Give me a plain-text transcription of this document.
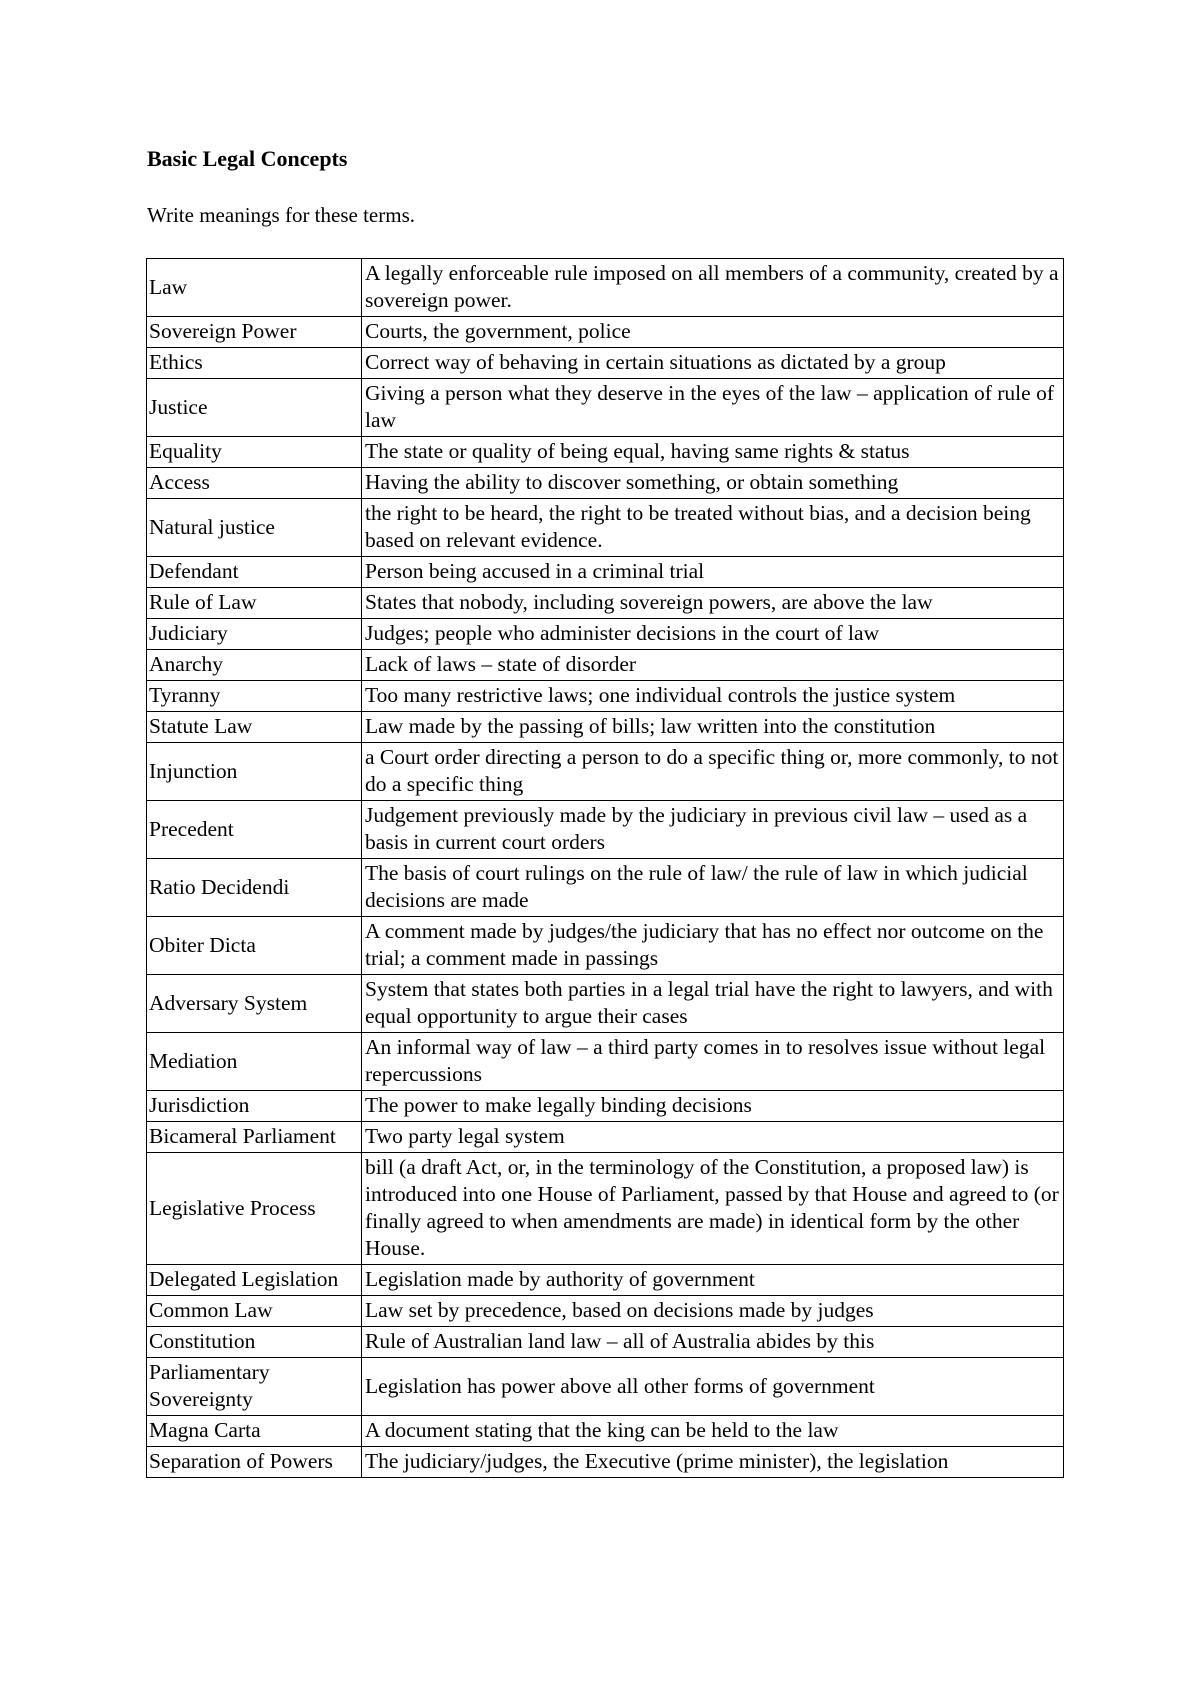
Basic Legal Concepts

Write meanings for these terms.

Law	A legally enforceable rule imposed on all members of a community, created by a sovereign power.
Sovereign Power	Courts, the government, police
Ethics	Correct way of behaving in certain situations as dictated by a group
Justice	Giving a person what they deserve in the eyes of the law – application of rule of law
Equality	The state or quality of being equal, having same rights & status
Access	Having the ability to discover something, or obtain something
Natural justice	the right to be heard, the right to be treated without bias, and a decision being based on relevant evidence.
Defendant	Person being accused in a criminal trial
Rule of Law	States that nobody, including sovereign powers, are above the law
Judiciary	Judges; people who administer decisions in the court of law
Anarchy	Lack of laws – state of disorder
Tyranny	Too many restrictive laws; one individual controls the justice system
Statute Law	Law made by the passing of bills; law written into the constitution
Injunction	a Court order directing a person to do a specific thing or, more commonly, to not do a specific thing
Precedent	Judgement previously made by the judiciary in previous civil law – used as a basis in current court orders
Ratio Decidendi	The basis of court rulings on the rule of law/ the rule of law in which judicial decisions are made
Obiter Dicta	A comment made by judges/the judiciary that has no effect nor outcome on the trial; a comment made in passings
Adversary System	System that states both parties in a legal trial have the right to lawyers, and with equal opportunity to argue their cases
Mediation	An informal way of law – a third party comes in to resolves issue without legal repercussions
Jurisdiction	The power to make legally binding decisions
Bicameral Parliament	Two party legal system
Legislative Process	bill (a draft Act, or, in the terminology of the Constitution, a proposed law) is introduced into one House of Parliament, passed by that House and agreed to (or finally agreed to when amendments are made) in identical form by the other House.
Delegated Legislation	Legislation made by authority of government
Common Law	Law set by precedence, based on decisions made by judges
Constitution	Rule of Australian land law – all of Australia abides by this
Parliamentary Sovereignty	Legislation has power above all other forms of government
Magna Carta	A document stating that the king can be held to the law
Separation of Powers	The judiciary/judges, the Executive (prime minister), the legislation
